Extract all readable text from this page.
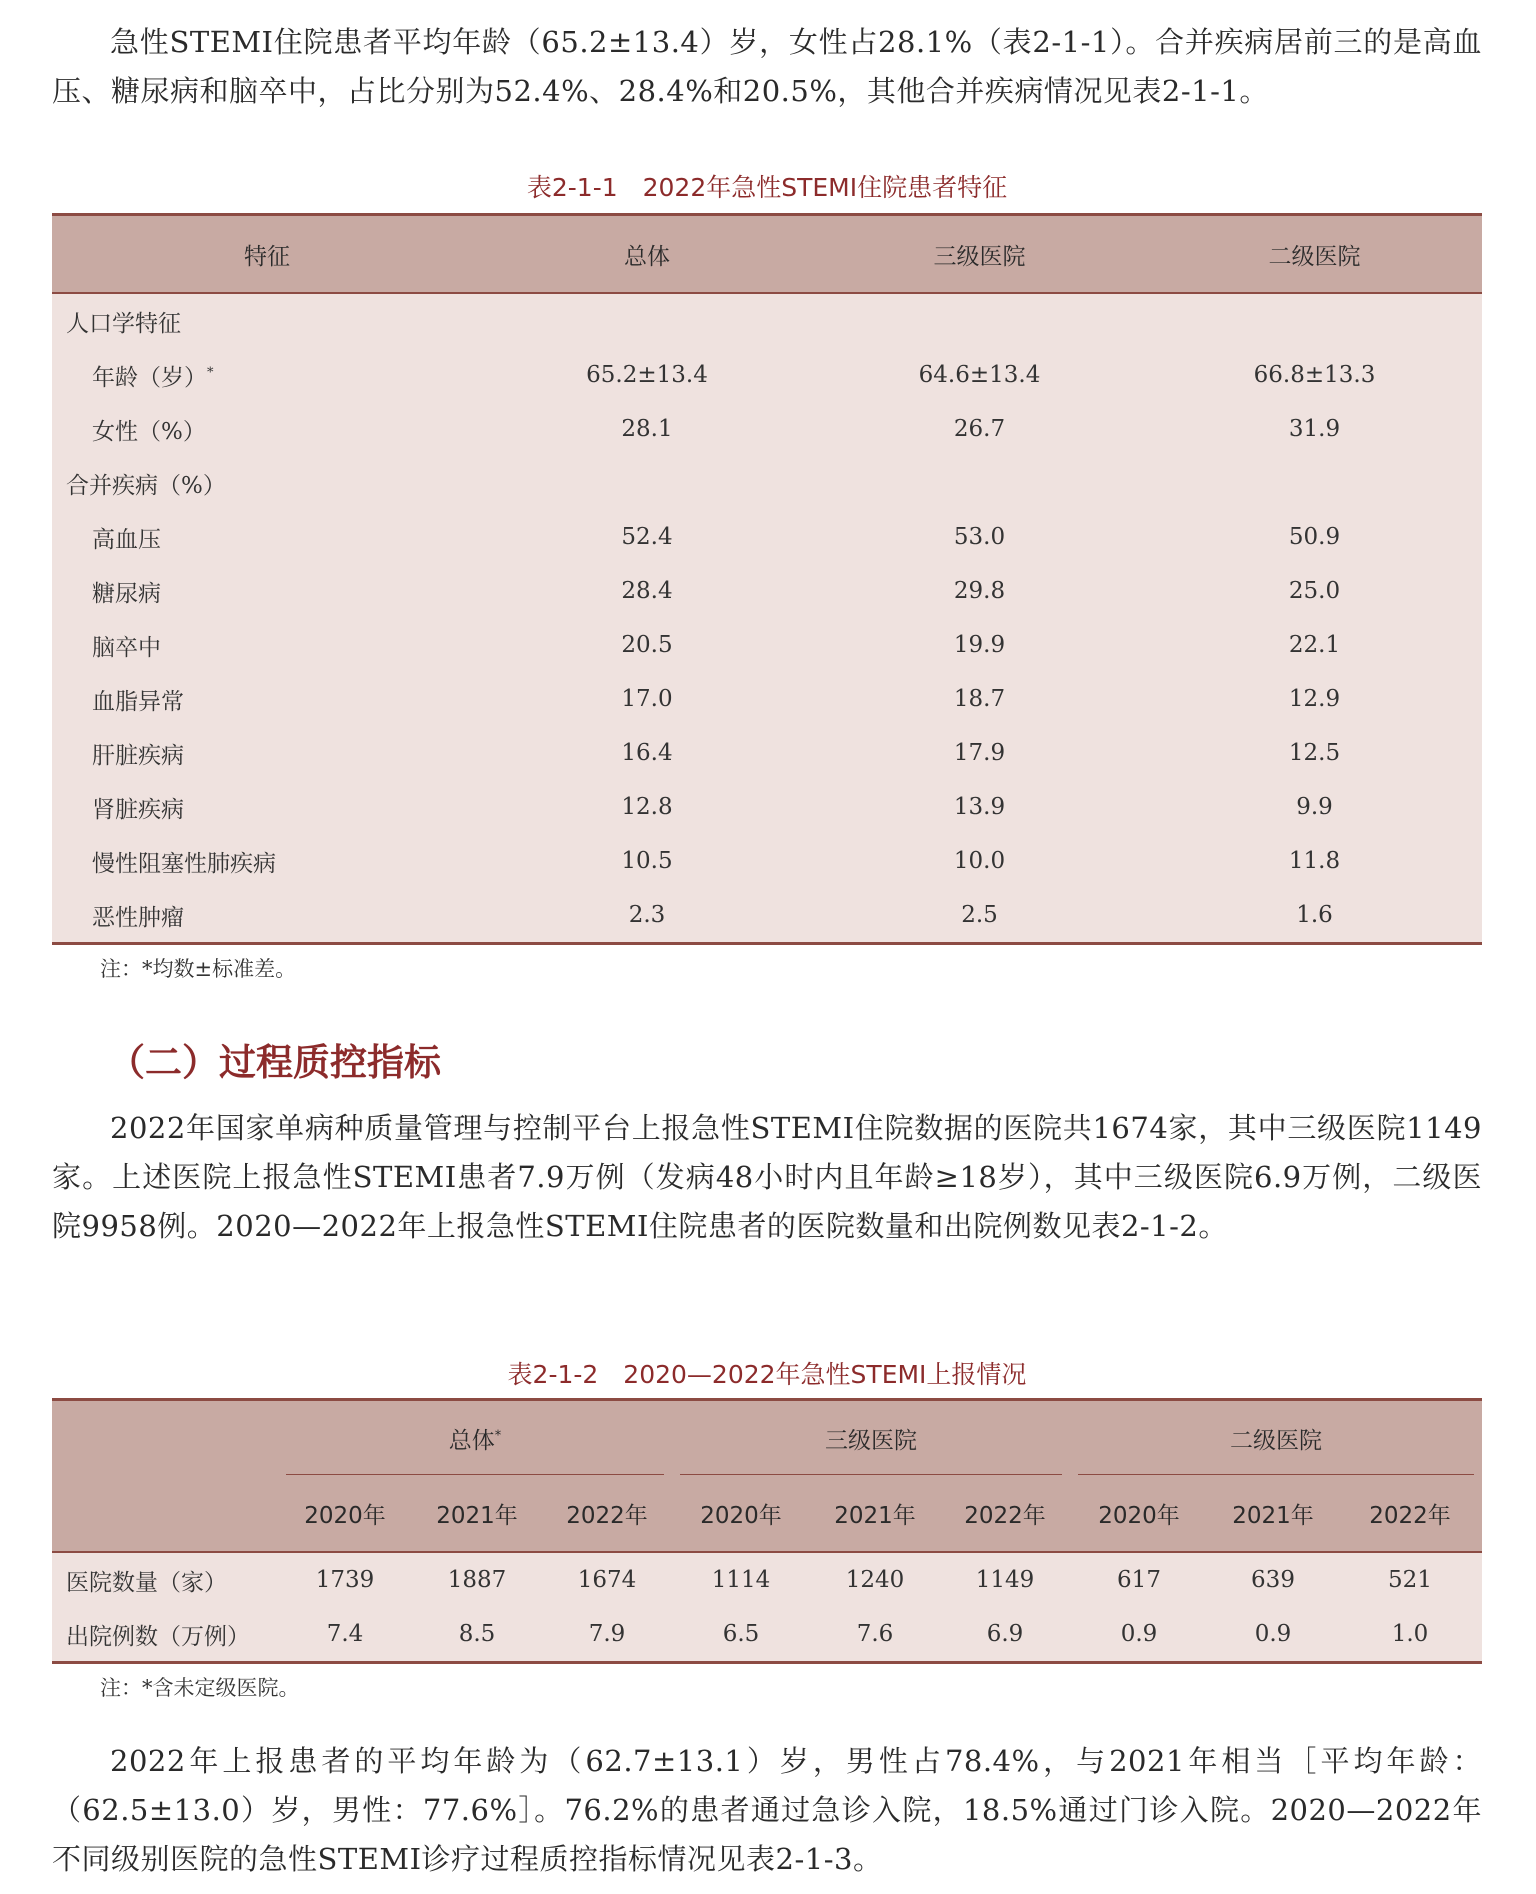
急性STEMI住院患者平均年龄（65.2±13.4）岁，女性占28.1%（表2-1-1）。合并疾病居前三的是高血压、糖尿病和脑卒中，占比分别为52.4%、28.4%和20.5%，其他合并疾病情况见表2-1-1。

表2-1-1　2022年急性STEMI住院患者特征

特征	总体	三级医院	二级医院
人口学特征			
年龄（岁）*	65.2±13.4	64.6±13.4	66.8±13.3
女性（%）	28.1	26.7	31.9
合并疾病（%）			
高血压	52.4	53.0	50.9
糖尿病	28.4	29.8	25.0
脑卒中	20.5	19.9	22.1
血脂异常	17.0	18.7	12.9
肝脏疾病	16.4	17.9	12.5
肾脏疾病	12.8	13.9	9.9
慢性阻塞性肺疾病	10.5	10.0	11.8
恶性肿瘤	2.3	2.5	1.6

注：*均数±标准差。

（二）过程质控指标

2022年国家单病种质量管理与控制平台上报急性STEMI住院数据的医院共1674家，其中三级医院1149家。上述医院上报急性STEMI患者7.9万例（发病48小时内且年龄≥18岁），其中三级医院6.9万例，二级医院9958例。2020—2022年上报急性STEMI住院患者的医院数量和出院例数见表2-1-2。

表2-1-2　2020—2022年急性STEMI上报情况

	总体*			三级医院			二级医院		
	2020年	2021年	2022年	2020年	2021年	2022年	2020年	2021年	2022年
医院数量（家）	1739	1887	1674	1114	1240	1149	617	639	521
出院例数（万例）	7.4	8.5	7.9	6.5	7.6	6.9	0.9	0.9	1.0

注：*含未定级医院。

2022年上报患者的平均年龄为（62.7±13.1）岁，男性占78.4%，与2021年相当［平均年龄：（62.5±13.0）岁，男性：77.6%］。76.2%的患者通过急诊入院，18.5%通过门诊入院。2020—2022年不同级别医院的急性STEMI诊疗过程质控指标情况见表2-1-3。
